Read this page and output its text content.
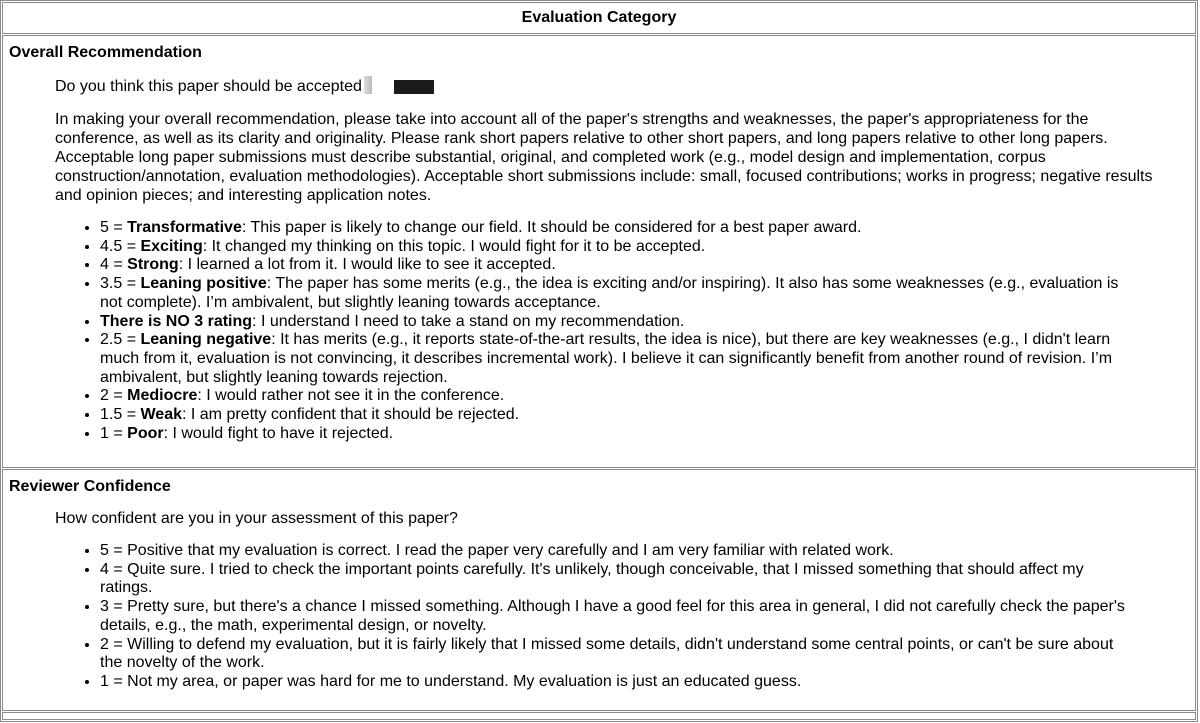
Evaluation Category
Overall Recommendation
Do you think this paper should be accepted
In making your overall recommendation, please take into account all of the paper's strengths and weaknesses, the paper's appropriateness for the conference, as well as its clarity and originality. Please rank short papers relative to other short papers, and long papers relative to other long papers. Acceptable long paper submissions must describe substantial, original, and completed work (e.g., model design and implementation, corpus construction/annotation, evaluation methodologies). Acceptable short submissions include: small, focused contributions; works in progress; negative results and opinion pieces; and interesting application notes.
• 5 = Transformative: This paper is likely to change our field. It should be considered for a best paper award.
• 4.5 = Exciting: It changed my thinking on this topic. I would fight for it to be accepted.
• 4 = Strong: I learned a lot from it. I would like to see it accepted.
• 3.5 = Leaning positive: The paper has some merits (e.g., the idea is exciting and/or inspiring). It also has some weaknesses (e.g., evaluation is not complete). I’m ambivalent, but slightly leaning towards acceptance.
• There is NO 3 rating: I understand I need to take a stand on my recommendation.
• 2.5 = Leaning negative: It has merits (e.g., it reports state-of-the-art results, the idea is nice), but there are key weaknesses (e.g., I didn't learn much from it, evaluation is not convincing, it describes incremental work). I believe it can significantly benefit from another round of revision. I’m ambivalent, but slightly leaning towards rejection.
• 2 = Mediocre: I would rather not see it in the conference.
• 1.5 = Weak: I am pretty confident that it should be rejected.
• 1 = Poor: I would fight to have it rejected.
Reviewer Confidence
How confident are you in your assessment of this paper?
• 5 = Positive that my evaluation is correct. I read the paper very carefully and I am very familiar with related work.
• 4 = Quite sure. I tried to check the important points carefully. It's unlikely, though conceivable, that I missed something that should affect my ratings.
• 3 = Pretty sure, but there's a chance I missed something. Although I have a good feel for this area in general, I did not carefully check the paper's details, e.g., the math, experimental design, or novelty.
• 2 = Willing to defend my evaluation, but it is fairly likely that I missed some details, didn't understand some central points, or can't be sure about the novelty of the work.
• 1 = Not my area, or paper was hard for me to understand. My evaluation is just an educated guess.
